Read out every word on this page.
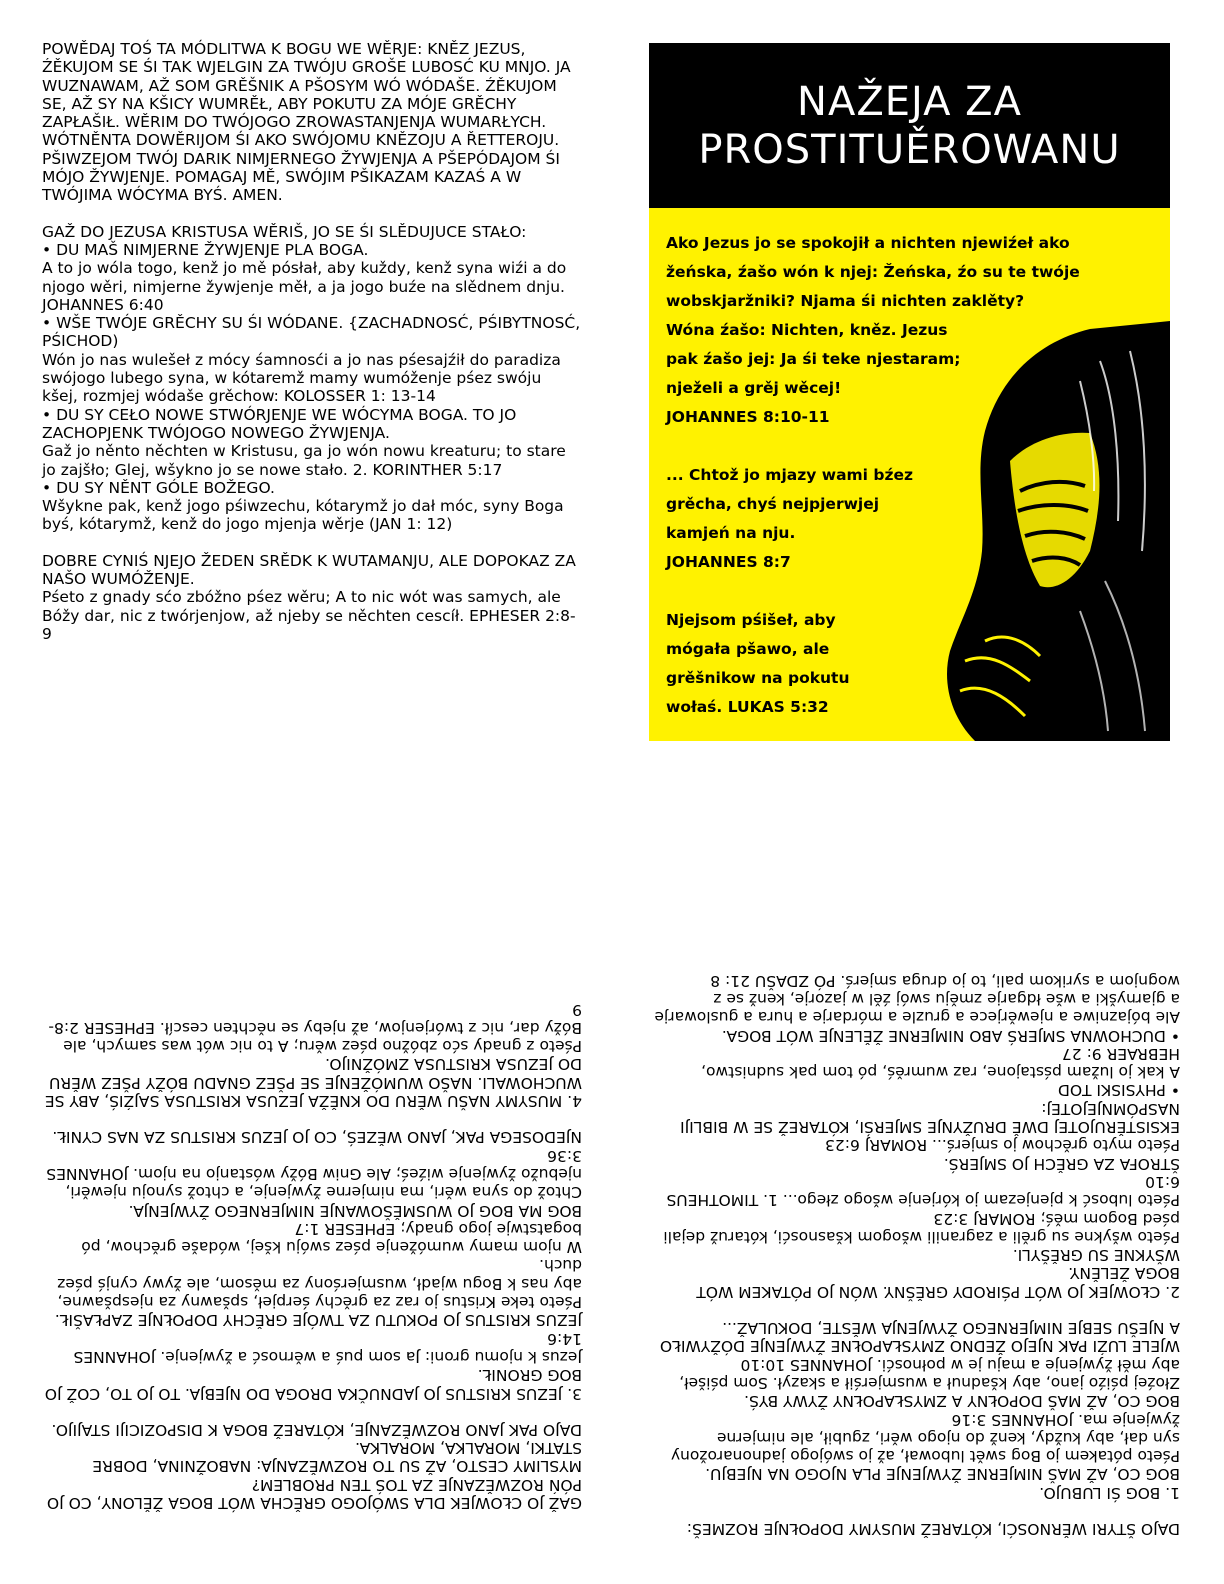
POWĚDAJ TOŚ TA MÓDLITWA K BOGU WE WĚRJE: KNĚZ JEZUS, ŹĚKUJOM SE ŚI TAK WJELGIN ZA TWÓJU GROŠE LUBOSĆ KU MNJO. JA WUZNAWAM, AŽ SOM GRĚŠNIK A PŠOSYM WÓ WÓDAŠE. ŹĚKUJOM SE, AŽ SY NA KŠICY WUMRĚŁ, ABY POKUTU ZA MÓJE GRĚCHY ZAPŁAŠIŁ. WĚRIM DO TWÓJOGO ZROWASTANJENJA WUMARŁYCH. WÓTNĚNTA DOWĚRIJOM ŚI AKO SWÓJOMU KNĚZOJU A ŘETTEROJU. PŠIWZEJOM TWÓJ DARIK NIMJERNEGO ŽYWJENJA A PŠEPÓDAJOM ŚI MÓJO ŽYWJENJE. POMAGAJ MĚ, SWÓJIM PŠIKAZAM KAZAŚ A W TWÓJIMA WÓCYMA BYŚ. AMEN.

GAŽ DO JEZUSA KRISTUSA WĚRIŠ, JO SE ŚI SLĚDUJUCE STAŁO:

• DU MAŠ NIMJERNE ŽYWJENJE PLA BOGA.

A to jo wóla togo, kenž jo mě pósłał, aby kuždy, kenž syna wiźi a do njogo wěri, nimjerne žywjenje měł, a ja jogo buźe na slědnem dnju. JOHANNES 6:40

• WŠE TWÓJE GRĚCHY SU ŚI WÓDANE. {ZACHADNOSĆ, PŚIBYTNOSĆ, PŚICHOD)

Wón jo nas wulešeł z mócy śamnosći a jo nas pśesajźił do paradiza swójogo lubego syna, w kótaremž mamy wumóženje pśez swóju kšej, rozmjej wódaše grěchow: KOLOSSER 1: 13-14

• DU SY CEŁO NOWE STWÓRJENJE WE WÓCYMA BOGA. TO JO ZACHOPJENK TWÓJOGO NOWEGO ŽYWJENJA.

Gaž jo něnto něchten w Kristusu, ga jo wón nowu kreaturu; to stare jo zajšło; Glej, wšykno jo se nowe stało. 2. KORINTHER 5:17

• DU SY NĚNT GÓLE BOŽEGO.

Wšykne pak, kenž jogo pśiwzechu, kótarymž jo dał móc, syny Boga byś, kótarymž, kenž do jogo mjenja wěrje (JAN 1: 12)

DOBRE CYNIŚ NJEJO ŽEDEN SRĚDK K WUTAMANJU, ALE DOPOKAZ ZA NAŠO WUMÓŽENJE.

Pśeto z gnady sćo zbóžno pśez wěru; A to nic wót was samych, ale Bóžy dar, nic z twórjenjow, až njeby se něchten cescíł. EPHESER 2:8-9

NAŽEJA ZA
PROSTITUĚROWANU

Ako Jezus jo se spokojił a nichten njewiźeł ako

žeńska, źašo wón k njej: Žeńska, źo su te twóje

wobskjaržniki? Njama śi nichten zaklěty?

Wóna źašo: Nichten, kněz. Jezus

pak źašo jej: Ja śi teke njestaram;

nježeli a grěj wěcej!

JOHANNES 8:10-11

... Chtož jo mjazy wami bźez

grěcha, chyś nejpjerwjej

kamjeń na nju.

JOHANNES 8:7

Njejsom pśišeł, aby

mógała pšawo, ale

grěšnikow na pokutu

wołaś. LUKAS 5:32

GAŽ JO CŁOWJEK DLA SWÓJOGO GRĚCHA WÓT BOGA ŽĚLONY, CO JO PÓŃ ROZWĚZANJE ZA TOŚ TEN PROBLEM?

MYSLIMY CESTO, AŽ SU TO ROZWĚZANJA: NABOŽNINA, DOBRE STATKI, MORALKA, MORALKA.

DAJO PAK JANO ROZWĚZANJE, KÓTAREŽ BOGA K DISPOZICIJI STAJIJO.

3. JEZUS KRISTUS JO JADNUČKA DROGA DO NJEBJA. TO JO TO, COŽ JO BOG GRONIŁ.

Jezus k njomu groni: Ja som puś a wěrnosć a žywjenje. JOHANNES 14:6

JEZUS KRISTUS JO POKUTU ZA TWÓJE GRĚCHY DOPOŁNJE ZAPŁAŠIŁ.

Pśeto teke Kristus jo raz za grěchy śerpjeł, spšawny za njespšawne, aby nas k Bogu wjadł, wusmjerśony za měsom, ale žywy cynjś pśez duch.

W njom mamy wumóženje pśez swóju kšej, wódaše grěchow, pó bogatstwje jogo gnady; EPHESER 1:7

BOG MA BOG JO WUSMĚŠOWANJE NIMJERNEGO ŽYWJENJA.

Chtož do syna wěri, ma nimjerne žywjenje, a chtož synoju njewěri, njebužo žywjenje wiźeś; Ale Gniw Bóžy wóstanjo na njom. JOHANNES 3:36

NJEDOSEGA PAK, JANO WĚZEŚ, CO JO JEZUS KRISTUS ZA NAS CYNIŁ.

4. MUSYMY NAŠU WĚRU DO KNĚŽA JEZUSA KRISTUSA SAJŹIŚ, ABY SE WUCHOWALI. NAŠO WUMÓŽENJE SE PŠEZ GNADU BÓŽY PŠEZ WĚRU DO JEZUSA KRISTUSA ZMÓŽNIJO.

Pśeto z gnady sćo zbóžno pśez wěru; A to nic wót was samych, ale Bóžy dar, nic z twórjenjow, až njeby se něchten cescíł. EPHESER 2:8-9

DAJO ŠTYRI WĚRNOSĆI, KÓTAREŽ MUSYMY DOPOŁNJE ROZMEŠ:

1. BOG ŚI LUBUJO.

BOG CO, AŽ MAŠ NIMJERNE ŽYWJENJE PLA NJOGO NA NJEBJU.

Pśeto pótakem jo Bog swět lubował, až jo swójogo jadnonarožony syn dał, aby kuždy, kenž do njogo wěri, zgubił, ale nimjerne žywjenje ma. JOHANNES 3:16

BOG CO, AŽ MAŠ DOPOŁNY A ZMYSŁAPOŁNY ŽYWY BYŚ.

Złoźej pśiźo jano, aby kšadnuł a wusmjerśił a skazył. Som pśišeł, aby měł žywjenje a maju je w połnosći. JOHANNES 10:10

WJELE LUŹI PAK NJEJO ŽEDNO ZMYSŁAPOŁNE ŽYWJENJE DÓŽYWIŁO A NJEŠU SEBJE NIMJERNEGO ŽYWJENJA WĚSTE, DOKULAŽ...

2. CŁOWJEK JO WÓT PŚIRODY GRĚŠNY. WÓN JO PÓTAKEM WÓT BOGA ŽELĚNY.

WŠYKNE SU GRĚŠYLI.

Pśeto wšykne su grěli a zagranili wšogom kšasnosći, kótaruž dejali pśed Bogom měś; ROMARJ 3:23

Pśeto lubosć k pjenjezam jo kórjenje wšogo złego... 1. TIMOTHEUS 6:10

ŠTROFA ZA GRĚCH JO SMJERŚ.

Pśeto myto grěchow jo smjerś... ROMARJ 6:23

EKSISTĚRUJOTEJ DWĚ DRUŽYNJE SMJERŚI, KÓTAREŽ SE W BIBLIJI NASPÓMNJEJOTEJ:

• PHYSISKI TOD

A kak jo lužam pśstajone, raz wumrěś, pó tom pak sudnistwo, HEBRAER 9: 27

• DUCHOWNA SMJERŚ ABO NIMJERNE ŽĚLENJE WÓT BOGA.

Ale bójazniwe a njewěrjece a gruzle a mórdarje a hura a guslowarje a gjarnyški a wše łdgarje změju swój źěl w jazorje, kenž se z wognjom a syrikom pali, to jo druga smjerś. PÓ ZDAŠU 21: 8
